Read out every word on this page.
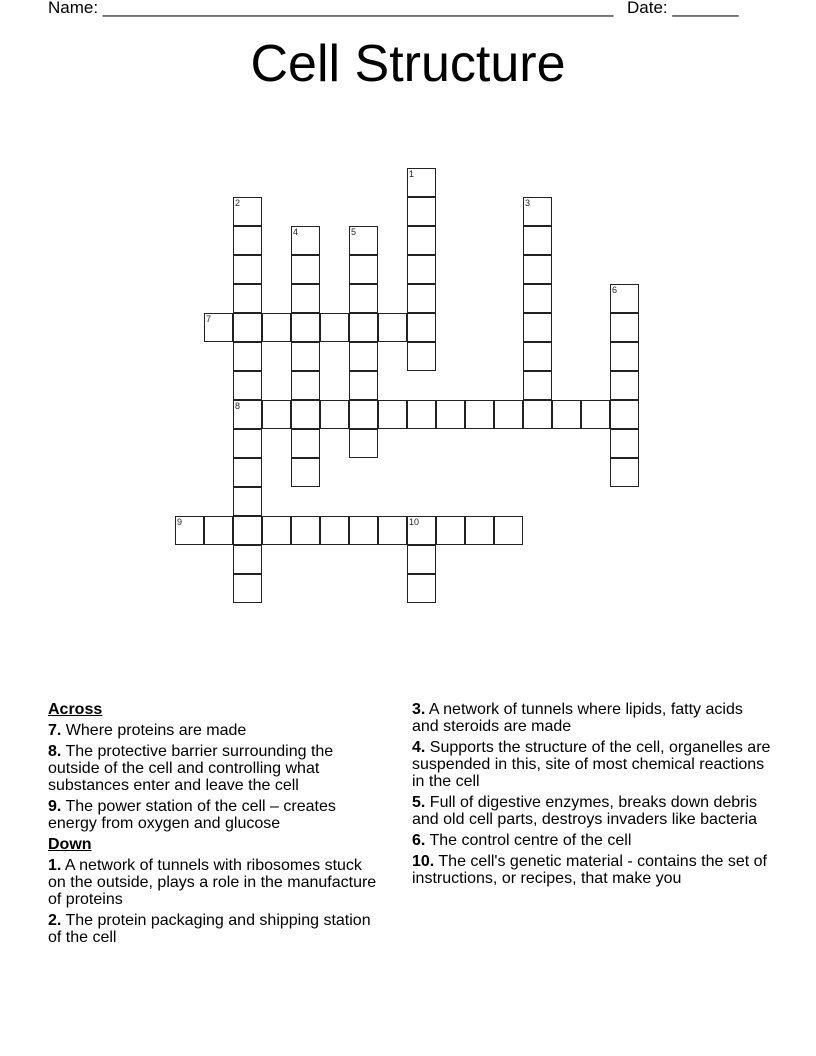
Name: ______________________________________________________ Date: _______
Cell Structure
1
2
8
3
4	5
6
7
9	10
Across
7. Where proteins are made
8. The protective barrier surrounding the outside of the cell and controlling what substances enter and leave the cell
9. The power station of the cell – creates energy from oxygen and glucose
Down
1. A network of tunnels with ribosomes stuck on the outside, plays a role in the manufacture of proteins
2. The protein packaging and shipping station of the cell
3. A network of tunnels where lipids, fatty acids and steroids are made
4. Supports the structure of the cell, organelles are suspended in this, site of most chemical reactions in the cell
5. Full of digestive enzymes, breaks down debris and old cell parts, destroys invaders like bacteria
6. The control centre of the cell
10. The cell's genetic material - contains the set of instructions, or recipes, that make you
